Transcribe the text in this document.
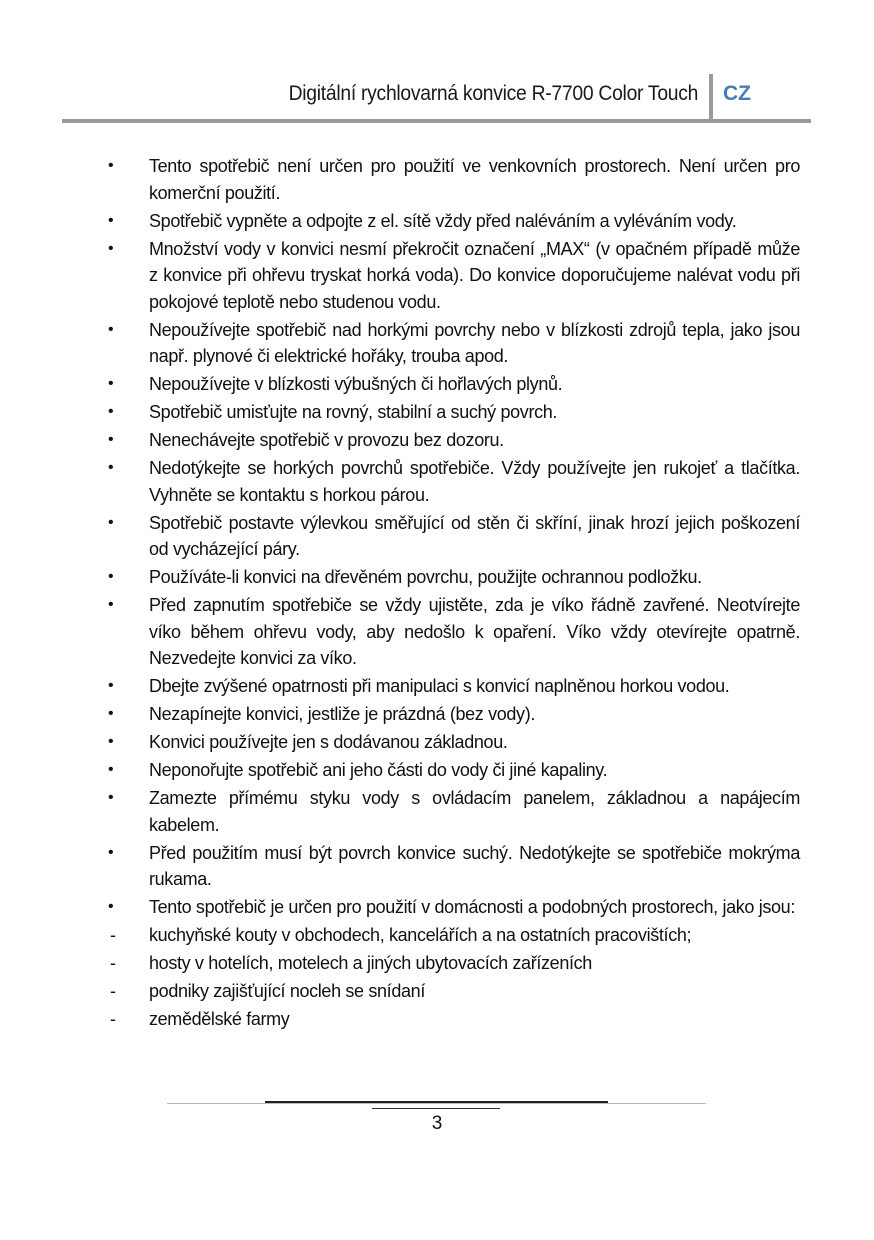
Digitální rychlovarná konvice R-7700 Color Touch CZ
•	Tento spotřebič není určen pro použití ve venkovních prostorech. Není určen pro komerční použití.
•	Spotřebič vypněte a odpojte z el. sítě vždy před naléváním a vyléváním vody.
•	Množství vody v konvici nesmí překročit označení „MAX“ (v opačném případě může z konvice při ohřevu tryskat horká voda). Do konvice doporučujeme nalévat vodu při pokojové teplotě nebo studenou vodu.
•	Nepoužívejte spotřebič nad horkými povrchy nebo v blízkosti zdrojů tepla, jako jsou např. plynové či elektrické hořáky, trouba apod.
•	Nepoužívejte v blízkosti výbušných či hořlavých plynů.
•	Spotřebič umisťujte na rovný, stabilní a suchý povrch.
•	Nenechávejte spotřebič v provozu bez dozoru.
•	Nedotýkejte se horkých povrchů spotřebiče. Vždy používejte jen rukojeť a tlačítka. Vyhněte se kontaktu s horkou párou.
•	Spotřebič postavte výlevkou směřující od stěn či skříní, jinak hrozí jejich poškození od vycházející páry.
•	Používáte-li konvici na dřevěném povrchu, použijte ochrannou podložku.
•	Před zapnutím spotřebiče se vždy ujistěte, zda je víko řádně zavřené. Neotvírejte víko během ohřevu vody, aby nedošlo k opaření. Víko vždy otevírejte opatrně. Nezvedejte konvici za víko.
•	Dbejte zvýšené opatrnosti při manipulaci s konvicí naplněnou horkou vodou.
•	Nezapínejte konvici, jestliže je prázdná (bez vody).
•	Konvici používejte jen s dodávanou základnou.
•	Neponořujte spotřebič ani jeho části do vody či jiné kapaliny.
•	Zamezte přímému styku vody s ovládacím panelem, základnou a napájecím kabelem.
•	Před použitím musí být povrch konvice suchý. Nedotýkejte se spotřebiče mokrýma rukama.
•	Tento spotřebič je určen pro použití v domácnosti a podobných prostorech, jako jsou:
-	kuchyňské kouty v obchodech, kancelářích a na ostatních pracovištích;
-	hosty v hotelích, motelech a jiných ubytovacích zařízeních
-	podniky zajišťující nocleh se snídaní
-	zemědělské farmy
3
